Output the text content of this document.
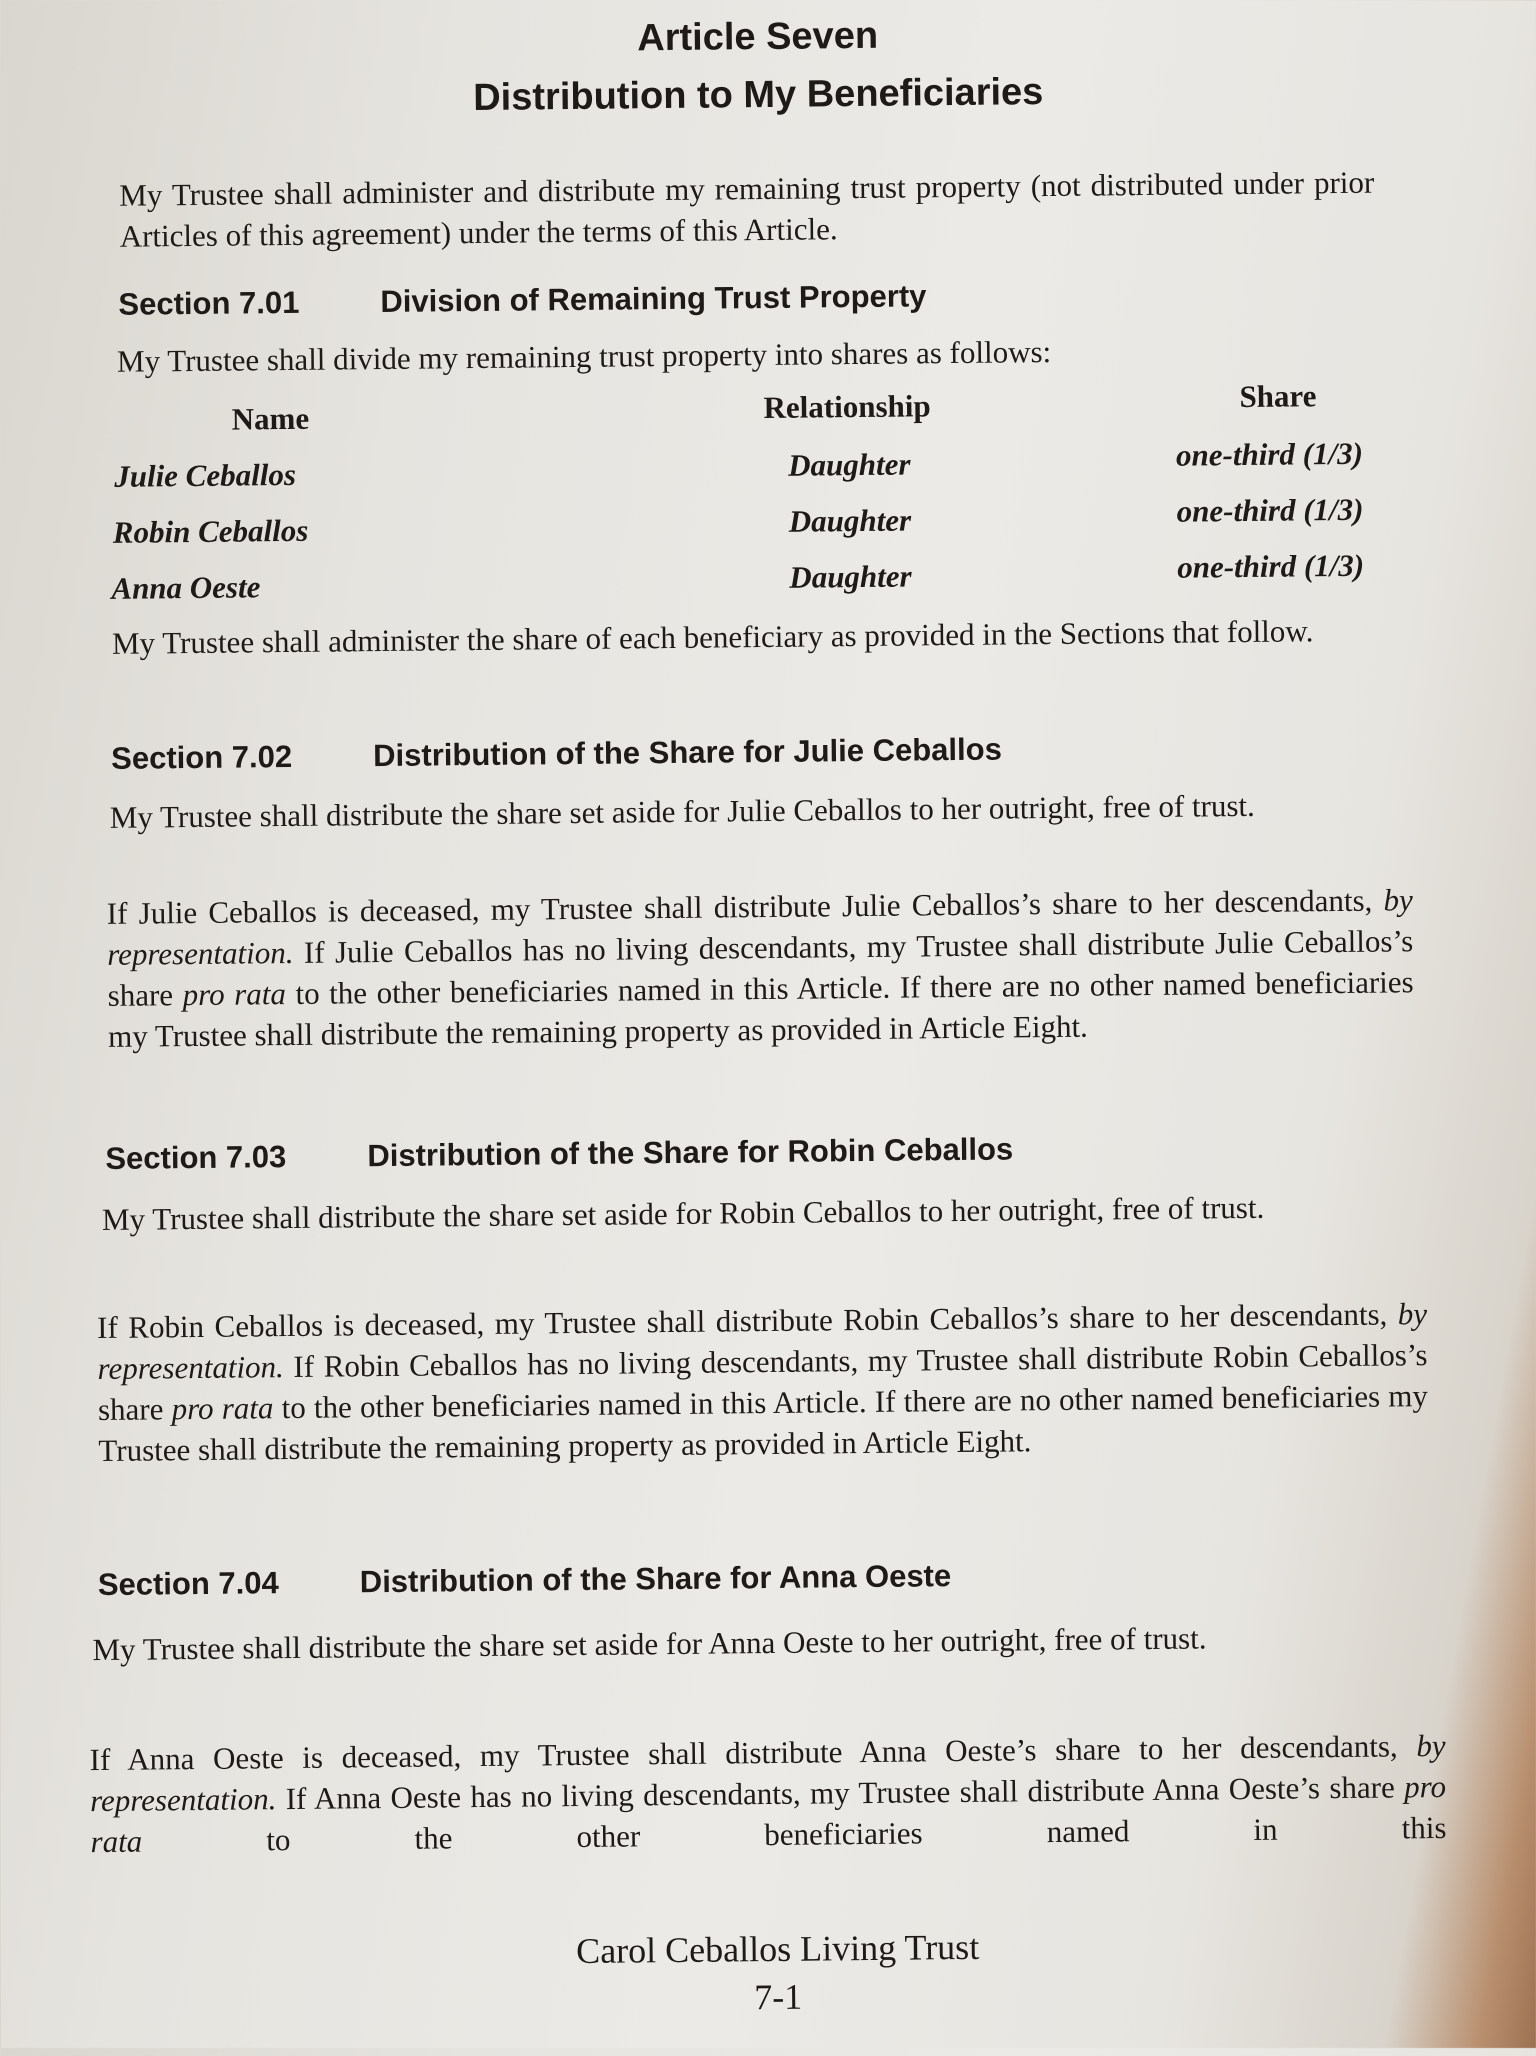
Article Seven
Distribution to My Beneficiaries
My Trustee shall administer and distribute my remaining trust property (not distributed under prior Articles of this agreement) under the terms of this Article.
Section 7.01	Division of Remaining Trust Property
My Trustee shall divide my remaining trust property into shares as follows:
Name	Relationship	Share
Julie Ceballos	Daughter	one-third (1/3)
Robin Ceballos	Daughter	one-third (1/3)
Anna Oeste	Daughter	one-third (1/3)
My Trustee shall administer the share of each beneficiary as provided in the Sections that follow.
Section 7.02	Distribution of the Share for Julie Ceballos
My Trustee shall distribute the share set aside for Julie Ceballos to her outright, free of trust.
If Julie Ceballos is deceased, my Trustee shall distribute Julie Ceballos’s share to her descendants, by representation. If Julie Ceballos has no living descendants, my Trustee shall distribute Julie Ceballos’s share pro rata to the other beneficiaries named in this Article. If there are no other named beneficiaries my Trustee shall distribute the remaining property as provided in Article Eight.
Section 7.03	Distribution of the Share for Robin Ceballos
My Trustee shall distribute the share set aside for Robin Ceballos to her outright, free of trust.
If Robin Ceballos is deceased, my Trustee shall distribute Robin Ceballos’s share to her descendants, by representation. If Robin Ceballos has no living descendants, my Trustee shall distribute Robin Ceballos’s share pro rata to the other beneficiaries named in this Article. If there are no other named beneficiaries my Trustee shall distribute the remaining property as provided in Article Eight.
Section 7.04	Distribution of the Share for Anna Oeste
My Trustee shall distribute the share set aside for Anna Oeste to her outright, free of trust.
If Anna Oeste is deceased, my Trustee shall distribute Anna Oeste’s share to her descendants, by representation. If Anna Oeste has no living descendants, my Trustee shall distribute Anna Oeste’s share pro rata to the other beneficiaries named in this
Carol Ceballos Living Trust
7-1
